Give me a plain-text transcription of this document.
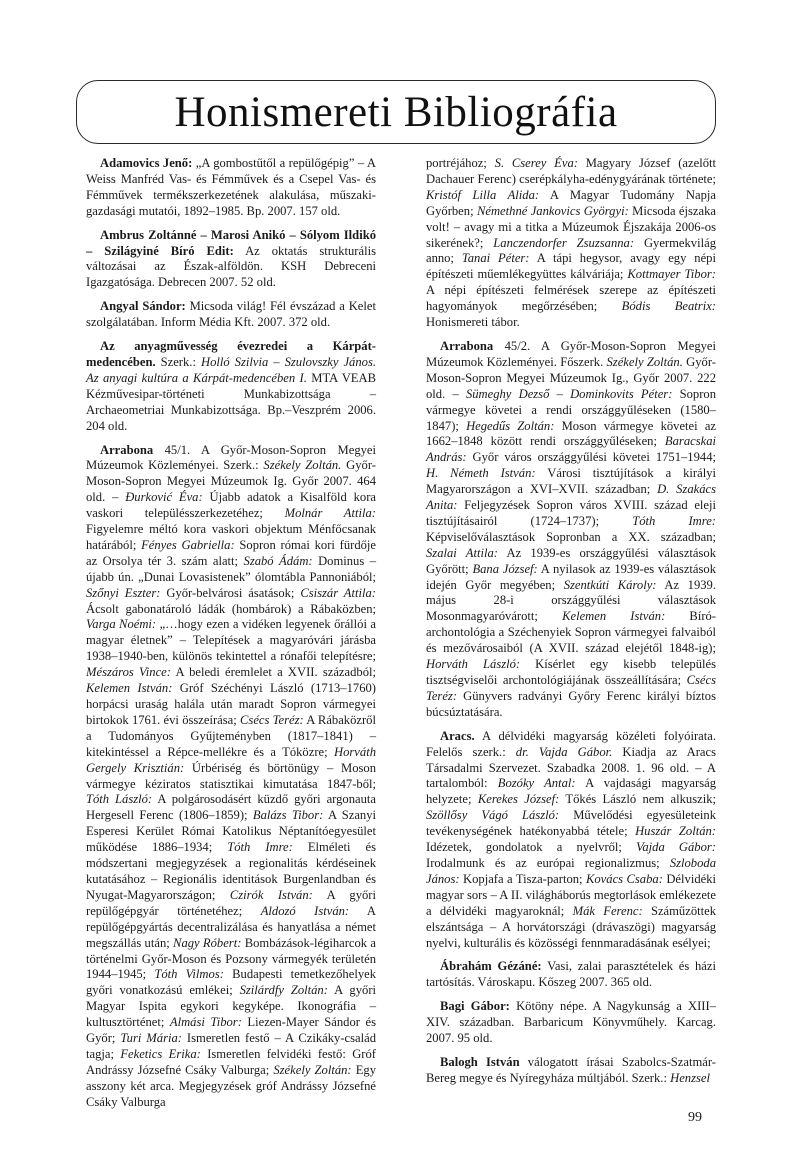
Honismereti Bibliográfia

Adamovics Jenő: „A gombostűtől a repülőgépig” – A Weiss Manfréd Vas- és Fémművek és a Csepel Vas- és Fémművek termékszerkezetének alakulása, műszaki-gazdasági mutatói, 1892–1985. Bp. 2007. 157 old.

Ambrus Zoltánné – Marosi Anikó – Sólyom Ildikó – Szilágyiné Bíró Edit: Az oktatás strukturális változásai az Észak-alföldön. KSH Debreceni Igazgatósága. Debrecen 2007. 52 old.

Angyal Sándor: Micsoda világ! Fél évszázad a Kelet szolgálatában. Inform Média Kft. 2007. 372 old.

Az anyagművesség évezredei a Kárpát-medencében. Szerk.: Holló Szilvia – Szulovszky János. Az anyagi kultúra a Kárpát-medencében I. MTA VEAB Kézművesipar-történeti Munkabizottsága – Archaeometriai Munkabizottsága. Bp.–Veszprém 2006. 204 old.

Arrabona 45/1. A Győr-Moson-Sopron Megyei Múzeumok Közleményei. Szerk.: Székely Zoltán. Győr-Moson-Sopron Megyei Múzeumok Ig. Győr 2007. 464 old. – Đurković Éva: Újabb adatok a Kisalföld kora vaskori településszerkezetéhez; Molnár Attila: Figyelemre méltó kora vaskori objektum Ménfőcsanak határából; Fényes Gabriella: Sopron római kori fürdője az Orsolya tér 3. szám alatt; Szabó Ádám: Dominus – újabb ún. „Dunai Lovasistenek” ólomtábla Pannoniából; Szőnyi Eszter: Győr-belvárosi ásatások; Csiszár Attila: Ácsolt gabonatároló ládák (hombárok) a Rábaközben; Varga Noémi: „…hogy ezen a vidéken legyenek őrállói a magyar életnek” – Telepítések a magyaróvári járásba 1938–1940-ben, különös tekintettel a rónafői telepítésre; Mészáros Vince: A beledi éremlelet a XVII. századból; Kelemen István: Gróf Széchényi László (1713–1760) horpácsi uraság halála után maradt Sopron vármegyei birtokok 1761. évi összeírása; Csécs Teréz: A Rábaközről a Tudományos Gyűjteményben (1817–1841) – kitekintéssel a Répce-mellékre és a Tóközre; Horváth Gergely Krisztián: Úrbériség és börtönügy – Moson vármegye kéziratos statisztikai kimutatása 1847-ből; Tóth László: A polgárosodásért küzdő győri argonauta Hergesell Ferenc (1806–1859); Balázs Tibor: A Szanyi Esperesi Kerület Római Katolikus Néptanítóegyesület működése 1886–1934; Tóth Imre: Elméleti és módszertani megjegyzések a regionalitás kérdéseinek kutatásához – Regionális identitások Burgenlandban és Nyugat-Magyarországon; Czirók István: A győri repülőgépgyár történetéhez; Aldozó István: A repülőgépgyártás decentralizálása és hanyatlása a német megszállás után; Nagy Róbert: Bombázások-légiharcok a történelmi Győr-Moson és Pozsony vármegyék területén 1944–1945; Tóth Vilmos: Budapesti temetkezőhelyek győri vonatkozású emlékei; Szilárdfy Zoltán: A győri Magyar Ispita egykori kegyképe. Ikonográfia – kultusztörténet; Almási Tibor: Liezen-Mayer Sándor és Győr; Turi Mária: Ismeretlen festő – A Czikáky-család tagja; Feketics Erika: Ismeretlen felvidéki festő: Gróf Andrássy Józsefné Csáky Valburga; Székely Zoltán: Egy asszony két arca. Megjegyzések gróf Andrássy Józsefné Csáky Valburga

portréjához; S. Cserey Éva: Magyary József (azelőtt Dachauer Ferenc) cserépkályha-edénygyárának története; Kristóf Lilla Alida: A Magyar Tudomány Napja Győrben; Némethné Jankovics Györgyi: Micsoda éjszaka volt! – avagy mi a titka a Múzeumok Éjszakája 2006-os sikerének?; Lanczendorfer Zsuzsanna: Gyermekvilág anno; Tanai Péter: A tápi hegysor, avagy egy népi építészeti műemlékegyüttes kálváriája; Kottmayer Tibor: A népi építészeti felmérések szerepe az építészeti hagyományok megőrzésében; Bódis Beatrix: Honismereti tábor.

Arrabona 45/2. A Győr-Moson-Sopron Megyei Múzeumok Közleményei. Főszerk. Székely Zoltán. Győr-Moson-Sopron Megyei Múzeumok Ig., Győr 2007. 222 old. – Sümeghy Dezső – Dominkovits Péter: Sopron vármegye követei a rendi országgyűléseken (1580–1847); Hegedűs Zoltán: Moson vármegye követei az 1662–1848 között rendi országgyűléseken; Baracskai András: Győr város országgyűlési követei 1751–1944; H. Németh István: Városi tisztújítások a királyi Magyarországon a XVI–XVII. században; D. Szakács Anita: Feljegyzések Sopron város XVIII. század eleji tisztújításairól (1724–1737); Tóth Imre: Képviselőválasztások Sopronban a XX. században; Szalai Attila: Az 1939-es országgyűlési választások Győrött; Bana József: A nyilasok az 1939-es választások idején Győr megyében; Szentkúti Károly: Az 1939. május 28-i országgyűlési választások Mosonmagyaróvárott; Kelemen István: Bíró-archontológia a Széchenyiek Sopron vármegyei falvaiból és mezővárosaiból (A XVII. század elejétől 1848-ig); Horváth László: Kísérlet egy kisebb település tisztségviselői archontológiájának összeállítására; Csécs Teréz: Günyvers radványi Győry Ferenc királyi bíztos búcsúztatására.

Aracs. A délvidéki magyarság közéleti folyóirata. Felelős szerk.: dr. Vajda Gábor. Kiadja az Aracs Társadalmi Szervezet. Szabadka 2008. 1. 96 old. – A tartalomból: Bozóky Antal: A vajdasági magyarság helyzete; Kerekes József: Tőkés László nem alkuszik; Szöllősy Vágó László: Művelődési egyesületeink tevékenységének hatékonyabbá tétele; Huszár Zoltán: Idézetek, gondolatok a nyelvről; Vajda Gábor: Irodalmunk és az európai regionalizmus; Szloboda János: Kopjafa a Tisza-parton; Kovács Csaba: Délvidéki magyar sors – A II. világháborús megtorlások emlékezete a délvidéki magyaroknál; Mák Ferenc: Száműzöttek elszántsága – A horvátországi (drávaszögi) magyarság nyelvi, kulturális és közösségi fennmaradásának esélyei;

Ábrahám Gézáné: Vasi, zalai parasztételek és házi tartósítás. Városkapu. Kőszeg 2007. 365 old.

Bagi Gábor: Kötöny népe. A Nagykunság a XIII–XIV. században. Barbaricum Könyvműhely. Karcag. 2007. 95 old.

Balogh István válogatott írásai Szabolcs-Szatmár-Bereg megye és Nyíregyháza múltjából. Szerk.: Henzsel

99
